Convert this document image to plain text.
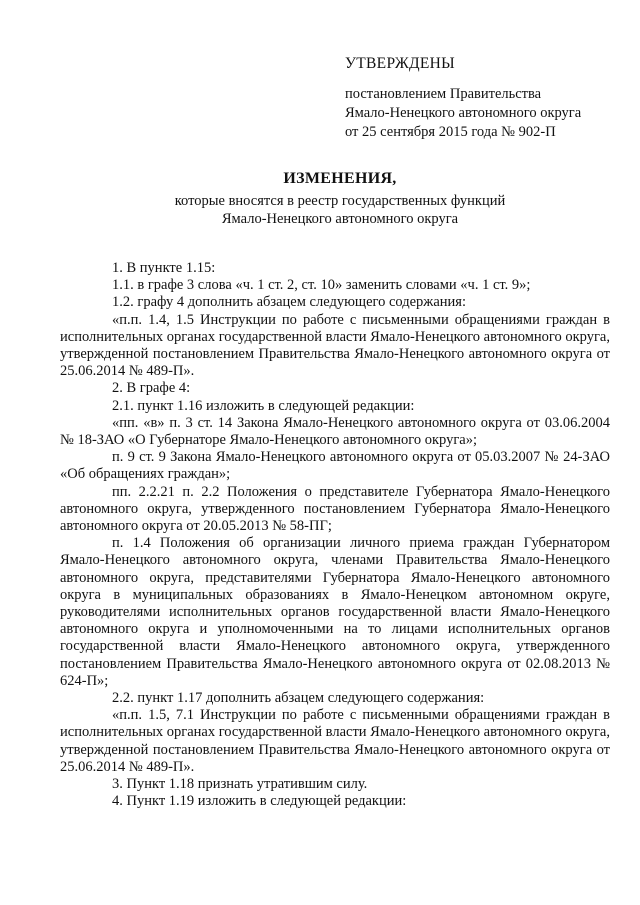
УТВЕРЖДЕНЫ
постановлением Правительства
Ямало-Ненецкого автономного округа
от 25 сентября 2015 года № 902-П
ИЗМЕНЕНИЯ,
которые вносятся в реестр государственных функций
Ямало-Ненецкого автономного округа

1. В пункте 1.15:

1.1. в графе 3 слова «ч. 1 ст. 2, ст. 10» заменить словами «ч. 1 ст. 9»;

1.2. графу 4 дополнить абзацем следующего содержания:

«п.п. 1.4, 1.5 Инструкции по работе с письменными обращениями граждан в исполнительных органах государственной власти Ямало-Ненецкого автономного округа, утвержденной постановлением Правительства Ямало-Ненецкого автономного округа от 25.06.2014 № 489-П».

2. В графе 4:

2.1. пункт 1.16 изложить в следующей редакции:

«пп. «в» п. 3 ст. 14 Закона Ямало-Ненецкого автономного округа от 03.06.2004 № 18-ЗАО «О Губернаторе Ямало-Ненецкого автономного округа»;

п. 9 ст. 9 Закона Ямало-Ненецкого автономного округа от 05.03.2007 № 24-ЗАО «Об обращениях граждан»;

пп. 2.2.21 п. 2.2 Положения о представителе Губернатора Ямало-Ненецкого автономного округа, утвержденного постановлением Губернатора Ямало-Ненецкого автономного округа от 20.05.2013 № 58-ПГ;

п. 1.4 Положения об организации личного приема граждан Губернатором Ямало-Ненецкого автономного округа, членами Правительства Ямало-Ненецкого автономного округа, представителями Губернатора Ямало-Ненецкого автономного округа в муниципальных образованиях в Ямало-Ненецком автономном округе, руководителями исполнительных органов государственной власти Ямало-Ненецкого автономного округа и уполномоченными на то лицами исполнительных органов государственной власти Ямало-Ненецкого автономного округа, утвержденного постановлением Правительства Ямало-Ненецкого автономного округа от 02.08.2013 № 624-П»;

2.2. пункт 1.17 дополнить абзацем следующего содержания:

«п.п. 1.5, 7.1 Инструкции по работе с письменными обращениями граждан в исполнительных органах государственной власти Ямало-Ненецкого автономного округа, утвержденной постановлением Правительства Ямало-Ненецкого автономного округа от 25.06.2014 № 489-П».

3. Пункт 1.18 признать утратившим силу.

4. Пункт 1.19 изложить в следующей редакции:
